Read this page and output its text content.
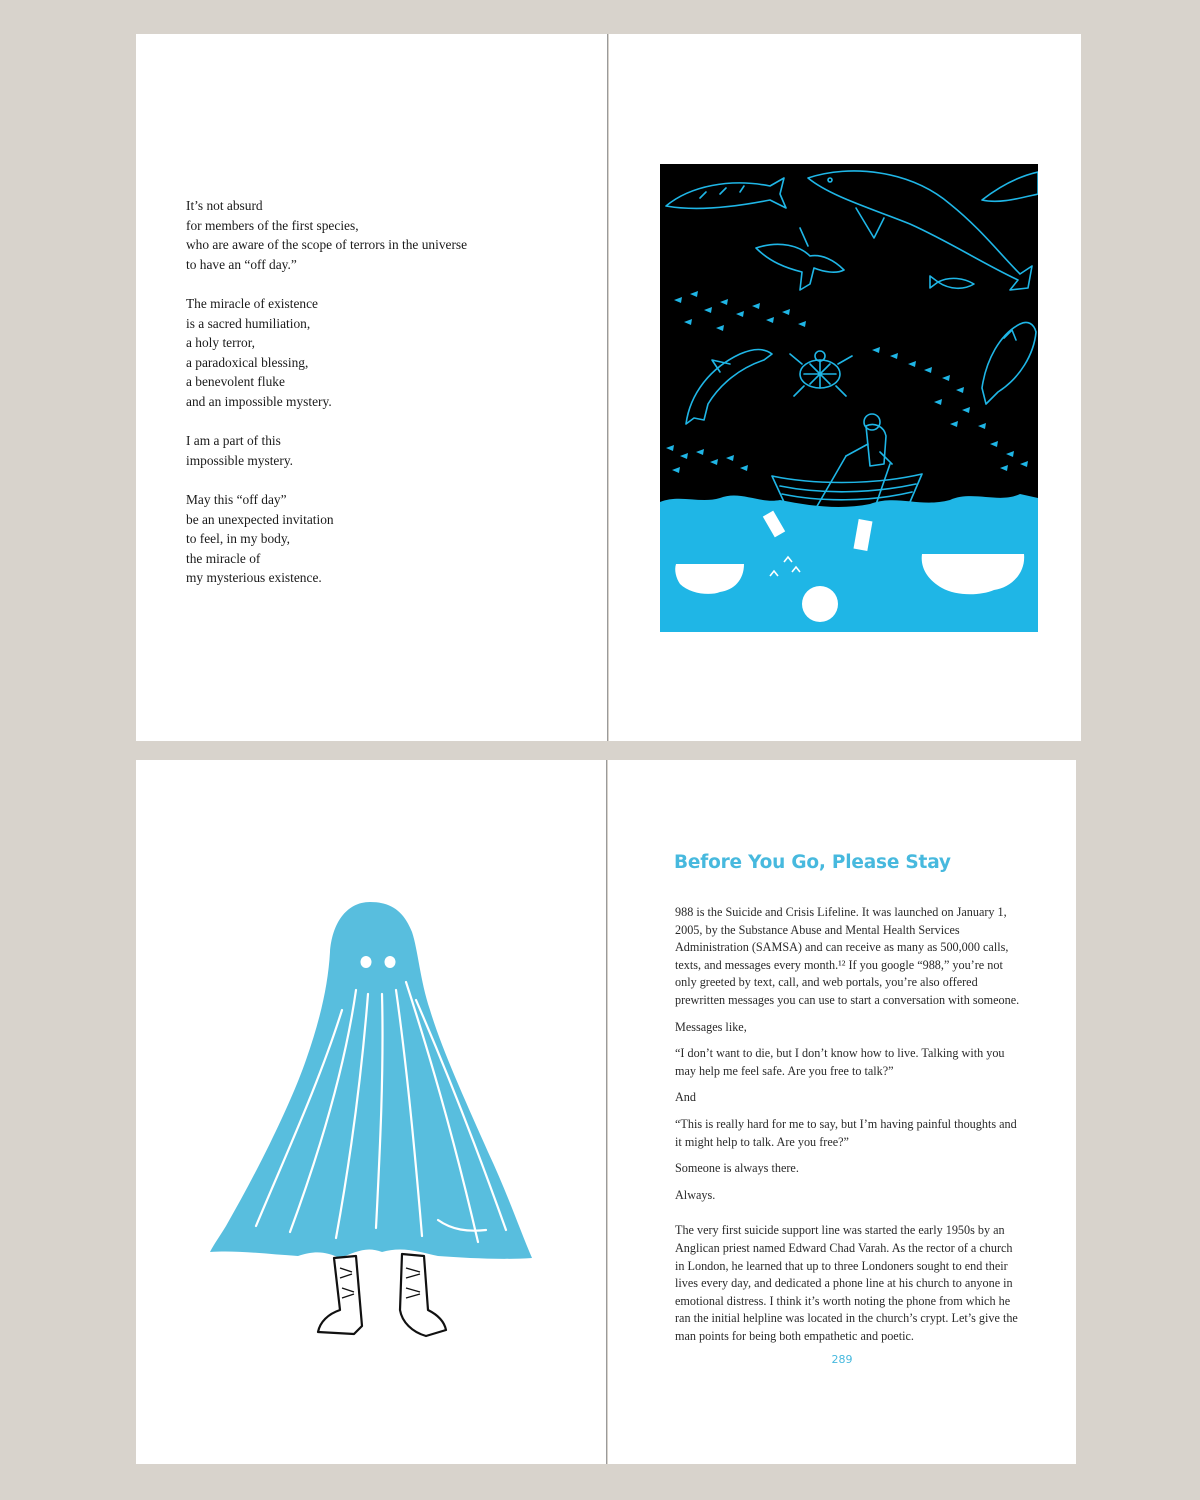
It’s not absurd
for members of the first species,
who are aware of the scope of terrors in the universe
to have an “off day.”
The miracle of existence
is a sacred humiliation,
a holy terror,
a paradoxical blessing,
a benevolent fluke
and an impossible mystery.
I am a part of this
impossible mystery.
May this “off day”
be an unexpected invitation
to feel, in my body,
the miracle of
my mysterious existence.
Before You Go, Please Stay

988 is the Suicide and Crisis Lifeline. It was launched on January 1, 2005, by the Substance Abuse and Mental Health Services Administration (SAMSA) and can receive as many as 500,000 calls, texts, and messages every month.¹² If you google “988,” you’re not only greeted by text, call, and web portals, you’re also offered prewritten messages you can use to start a conversation with someone.

Messages like,

“I don’t want to die, but I don’t know how to live. Talking with you may help me feel safe. Are you free to talk?”

And

“This is really hard for me to say, but I’m having painful thoughts and it might help to talk. Are you free?”

Someone is always there.

Always.

The very first suicide support line was started the early 1950s by an Anglican priest named Edward Chad Varah. As the rector of a church in London, he learned that up to three Londoners sought to end their lives every day, and dedicated a phone line at his church to anyone in emotional distress. I think it’s worth noting the phone from which he ran the initial helpline was located in the church’s crypt. Let’s give the man points for being both empathetic and poetic.

289
